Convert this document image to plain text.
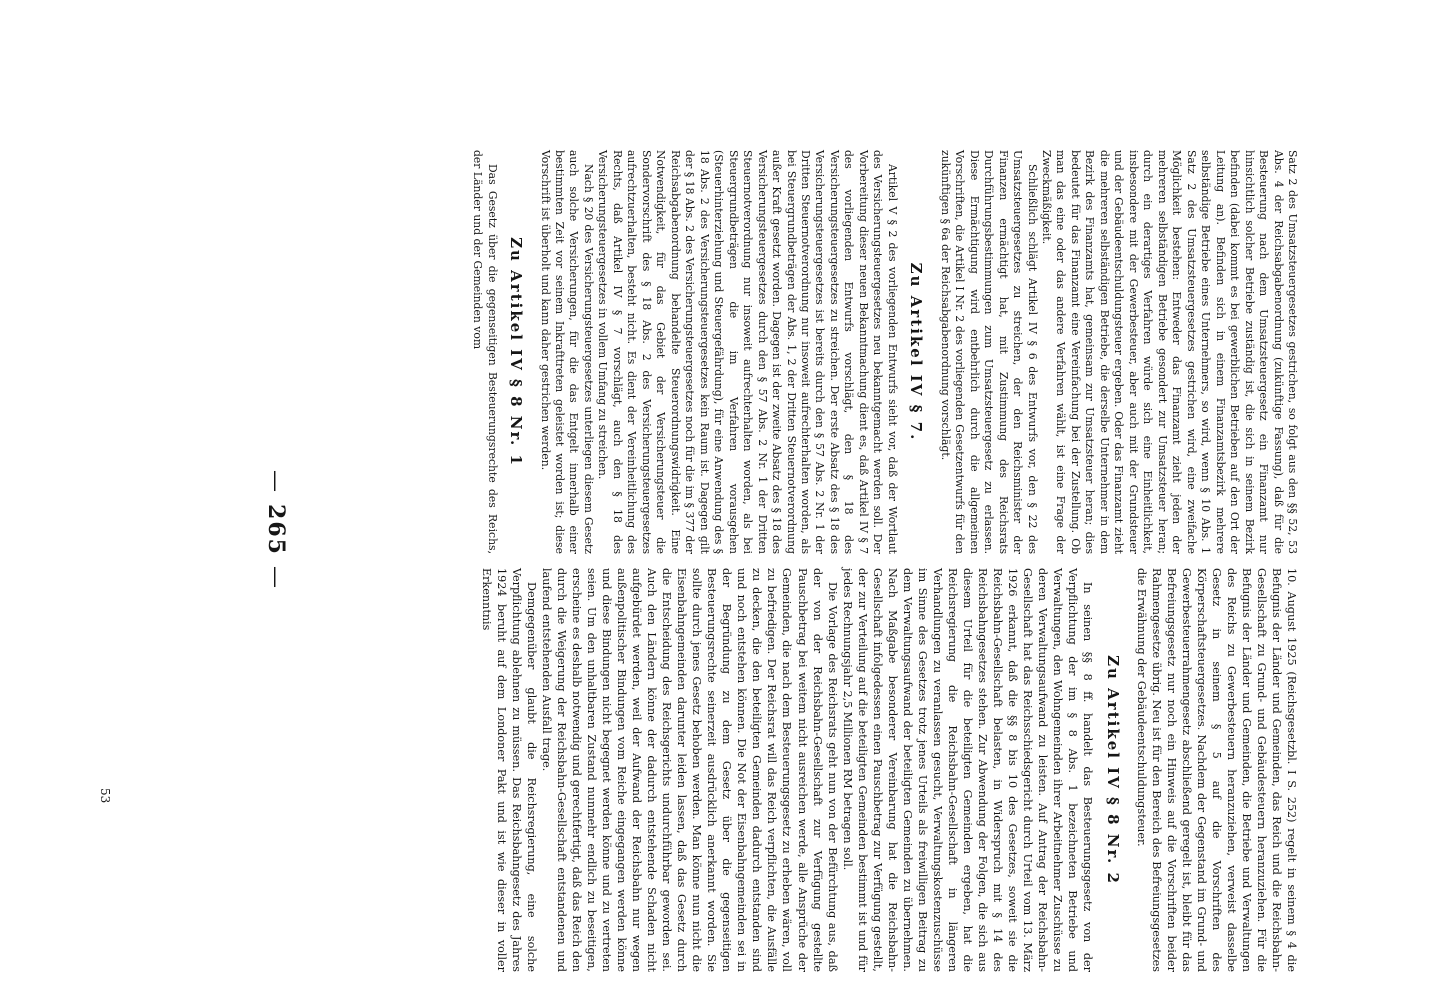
—265—	10. August 1925 (Reichsgesetzbl. I S. 252) regelt in seinem § 4 die Befugnis der Länder und Gemeinden, das Reich und die Reichsbahn-Gesellschaft zu Grund- und Gebäudesteuern heranzuziehen. Für die Befugnis der Länder und Gemeinden, die Betriebe und Verwaltungen des Reichs zu Gewerbesteuern heranzuziehen, verweist dasselbe Gesetz in seinem § 5 auf die Vorschriften des Körperschaftsteuergesetzes. Nachdem der Gegenstand im Grund- und Gewerbesteuerrahmengesetz abschließend geregelt ist, bleibt für das Befreiungsgesetz nur noch ein Hinweis auf die Vorschriften beider Rahmengesetze übrig. Neu ist für den Bereich des Befreiungsgesetzes die Erwähnung der Gebäudeentschuldungsteuer.

Zu Artikel IV § 8 Nr. 2

In seinen §§ 8 ff. handelt das Besteuerungsgesetz von der Verpflichtung der im § 8 Abs. 1 bezeichneten Betriebe und Verwaltungen, den Wohngemeinden ihrer Arbeitnehmer Zuschüsse zu deren Verwaltungsaufwand zu leisten. Auf Antrag der Reichsbahn-Gesellschaft hat das Reichsschiedsgericht durch Urteil vom 13. März 1926 erkannt, daß die §§ 8 bis 10 des Gesetzes, soweit sie die Reichsbahn-Gesellschaft belasten, in Widerspruch mit § 14 des Reichsbahngesetzes stehen. Zur Abwendung der Folgen, die sich aus diesem Urteil für die beteiligten Gemeinden ergeben, hat die Reichsregierung die Reichsbahn-Gesellschaft in längeren Verhandlungen zu veranlassen gesucht, Verwaltungskostenzuschüsse im Sinne des Gesetzes trotz jenes Urteils als freiwilligen Beitrag zu dem Verwaltungsaufwand der beteiligten Gemeinden zu übernehmen. Nach Maßgabe besonderer Vereinbarung hat die Reichsbahn-Gesellschaft infolgedessen einen Pauschbetrag zur Verfügung gestellt, der zur Verteilung auf die beteiligten Gemeinden bestimmt ist und für jedes Rechnungsjahr 2,5 Millionen RM betragen soll.

Die Vorlage des Reichsrats geht nun von der Befürchtung aus, daß der von der Reichsbahn-Gesellschaft zur Verfügung gestellte Pauschbetrag bei weitem nicht ausreichen werde, alle Ansprüche der Gemeinden, die nach dem Besteuerungsgesetz zu erheben wären, voll zu befriedigen. Der Reichsrat will das Reich verpflichten, die Ausfälle zu decken, die den beteiligten Gemeinden dadurch entstanden sind und noch entstehen können. Die Not der Eisenbahngemeinden sei in der Begründung zu dem Gesetz über die gegenseitigen Besteuerungsrechte seinerzeit ausdrücklich anerkannt worden. Sie sollte durch jenes Gesetz behoben werden. Man könne nun nicht die Eisenbahngemeinden darunter leiden lassen, daß das Gesetz durch die Entscheidung des Reichsgerichts undurchführbar geworden sei. Auch den Ländern könne der dadurch entstehende Schaden nicht aufgebürdet werden, weil der Aufwand der Reichsbahn nur wegen außenpolitischer Bindungen vom Reiche eingegangen werden könne und diese Bindungen nicht begegnet werden könne und zu vertreten seien. Um den unhaltbaren Zustand nunmehr endlich zu beseitigen, erscheine es deshalb notwendig und gerechtfertigt, daß das Reich den durch die Weigerung der Reichsbahn-Gesellschaft entstandenen und laufend entstehenden Ausfall trage.

Demgegenüber glaubt die Reichsregierung, eine solche Verpflichtung ablehnen zu müssen. Das Reichsbahngesetz des Jahres 1924 beruht auf dem Londoner Pakt und ist wie dieser in voller Erkenntnis

Satz 2 des Umsatzsteuergesetzes gestrichen, so folgt aus den §§ 52, 53 Abs. 4 der Reichsabgabenordnung (zukünftige Fassung), daß für die Besteuerung nach dem Umsatzsteuergesetz ein Finanzamt nur hinsichtlich solcher Betriebe zuständig ist, die sich in seinem Bezirk befinden (dabei kommt es bei gewerblichen Betrieben auf den Ort der Leitung an). Befinden sich in einem Finanzamtsbezirk mehrere selbständige Betriebe eines Unternehmers, so wird, wenn § 10 Abs. 1 Satz 2 des Umsatzsteuergesetzes gestrichen wird, eine zweifache Möglichkeit bestehen: Entweder das Finanzamt zieht jeden der mehreren selbständigen Betriebe gesondert zur Umsatzsteuer heran; durch ein derartiges Verfahren würde sich eine Einheitlichkeit, insbesondere mit der Gewerbesteuer, aber auch mit der Grundsteuer und der Gebäudeentschuldungsteuer ergeben. Oder das Finanzamt zieht die mehreren selbständigen Betriebe, die derselbe Unternehmer in dem Bezirk des Finanzamts hat, gemeinsam zur Umsatzsteuer heran; dies bedeutet für das Finanzamt eine Vereinfachung bei der Zustellung. Ob man das eine oder das andere Verfahren wählt, ist eine Frage der Zweckmäßigkeit.

Schließlich schlägt Artikel IV § 6 des Entwurfs vor, den § 22 des Umsatzsteuergesetzes zu streichen, der den Reichsminister der Finanzen ermächtigt hat, mit Zustimmung des Reichsrats Durchführungsbestimmungen zum Umsatzsteuergesetz zu erlassen. Diese Ermächtigung wird entbehrlich durch die allgemeinen Vorschriften, die Artikel I Nr. 2 des vorliegenden Gesetzentwurfs für den zukünftigen § 6a der Reichsabgabenordnung vorschlägt.

Zu Artikel IV § 7.

Artikel V § 2 des vorliegenden Entwurfs sieht vor, daß der Wortlaut des Versicherungsteuergesetzes neu bekanntgemacht werden soll. Der Vorbereitung dieser neuen Bekanntmachung dient es, daß Artikel IV § 7 des vorliegenden Entwurfs vorschlägt, den § 18 des Versicherungsteuergesetzes zu streichen. Der erste Absatz des § 18 des Versicherungsteuergesetzes ist bereits durch den § 57 Abs. 2 Nr. 1 der Dritten Steuernotverordnung nur insoweit aufrechterhalten worden, als bei Steuergrundbeträgen der Abs. 1, 2 der Dritten Steuernotverordnung außer Kraft gesetzt worden. Dagegen ist der zweite Absatz des § 18 des Versicherungsteuergesetzes durch den § 57 Abs. 2 Nr. 1 der Dritten Steuernotverordnung nur insoweit aufrechterhalten worden, als bei Steuergrundbeträgen die im Verfahren vorausgehen (Steuerhinterziehung und Steuergefährdung), für eine Anwendung des § 18 Abs. 2 des Versicherungsteuergesetzes kein Raum ist. Dagegen gilt der § 18 Abs. 2 des Versicherungsteuergesetzes noch für die im § 377 der Reichsabgabenordnung behandelte Steuerordnungswidrigkeit. Eine Notwendigkeit, für das Gebiet der Versicherungsteuer die Sondervorschrift des § 18 Abs. 2 des Versicherungsteuergesetzes aufrechtzuerhalten, besteht nicht. Es dient der Vereinheitlichung des Rechts, daß Artikel IV § 7 vorschlägt, auch den § 18 des Versicherungsteuergesetzes in vollem Umfang zu streichen.

Nach § 20 des Versicherungsteuergesetzes unterliegen diesem Gesetz auch solche Versicherungen, für die das Entgelt innerhalb einer bestimmten Zeit vor seinem Inkrafttreten geleistet worden ist; diese Vorschrift ist überholt und kann daher gestrichen werden.

Zu Artikel IV § 8 Nr. 1

Das Gesetz über die gegenseitigen Besteuerungsrechte des Reichs, der Länder und der Gemeinden vom

53
